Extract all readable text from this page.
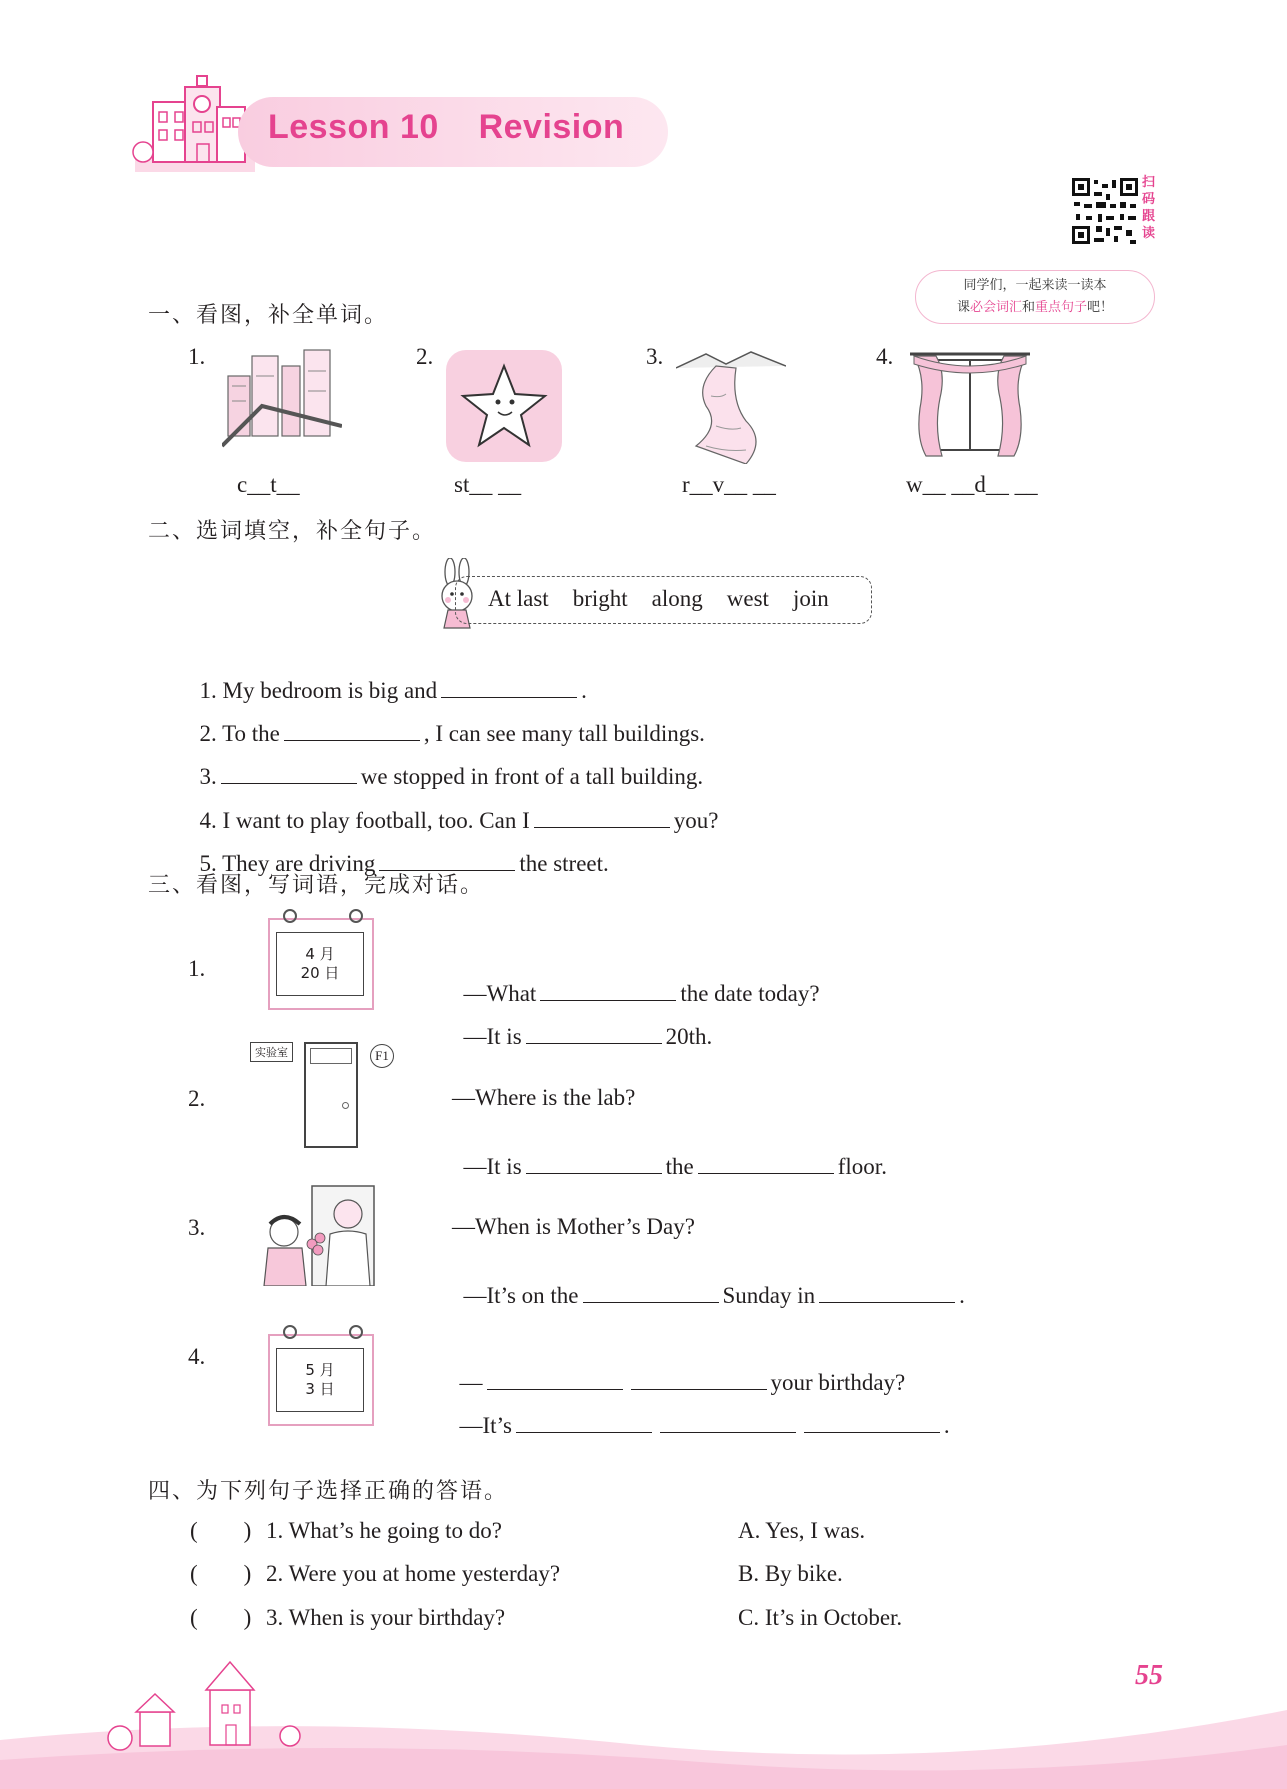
Lesson 10    Revision
扫码跟读
同学们，一起来读一读本
课必会词汇和重点句子吧！
一、看图，补全单词。
1.
c__t__
2.
st__ __
3.
r__v__ __
4.
w__ __d__ __
二、选词填空，补全句子。
At last bright along west join

1. My bedroom is big and	.

2. To the	, I can see many tall buildings.

3.	we stopped in front of a tall building.

4. I want to play football, too. Can I	you?

5. They are driving	the street.

三、看图，写词语，完成对话。
1.
4 月
20 日

—What	the date today?

—It is	20th.

2.
实验室	F1
—Where is the lab?

—It is	the	floor.

3.	—When is Mother’s Day?

—It’s on the	Sunday in	.

4.
5 月
3 日	—	your birthday?

—It’s	.

四、为下列句子选择正确的答语。
(        ) 1. What’s he going to do?	A. Yes, I was.
(        ) 2. Were you at home yesterday?	B. By bike.
(        ) 3. When is your birthday?	C. It’s in October.
55
